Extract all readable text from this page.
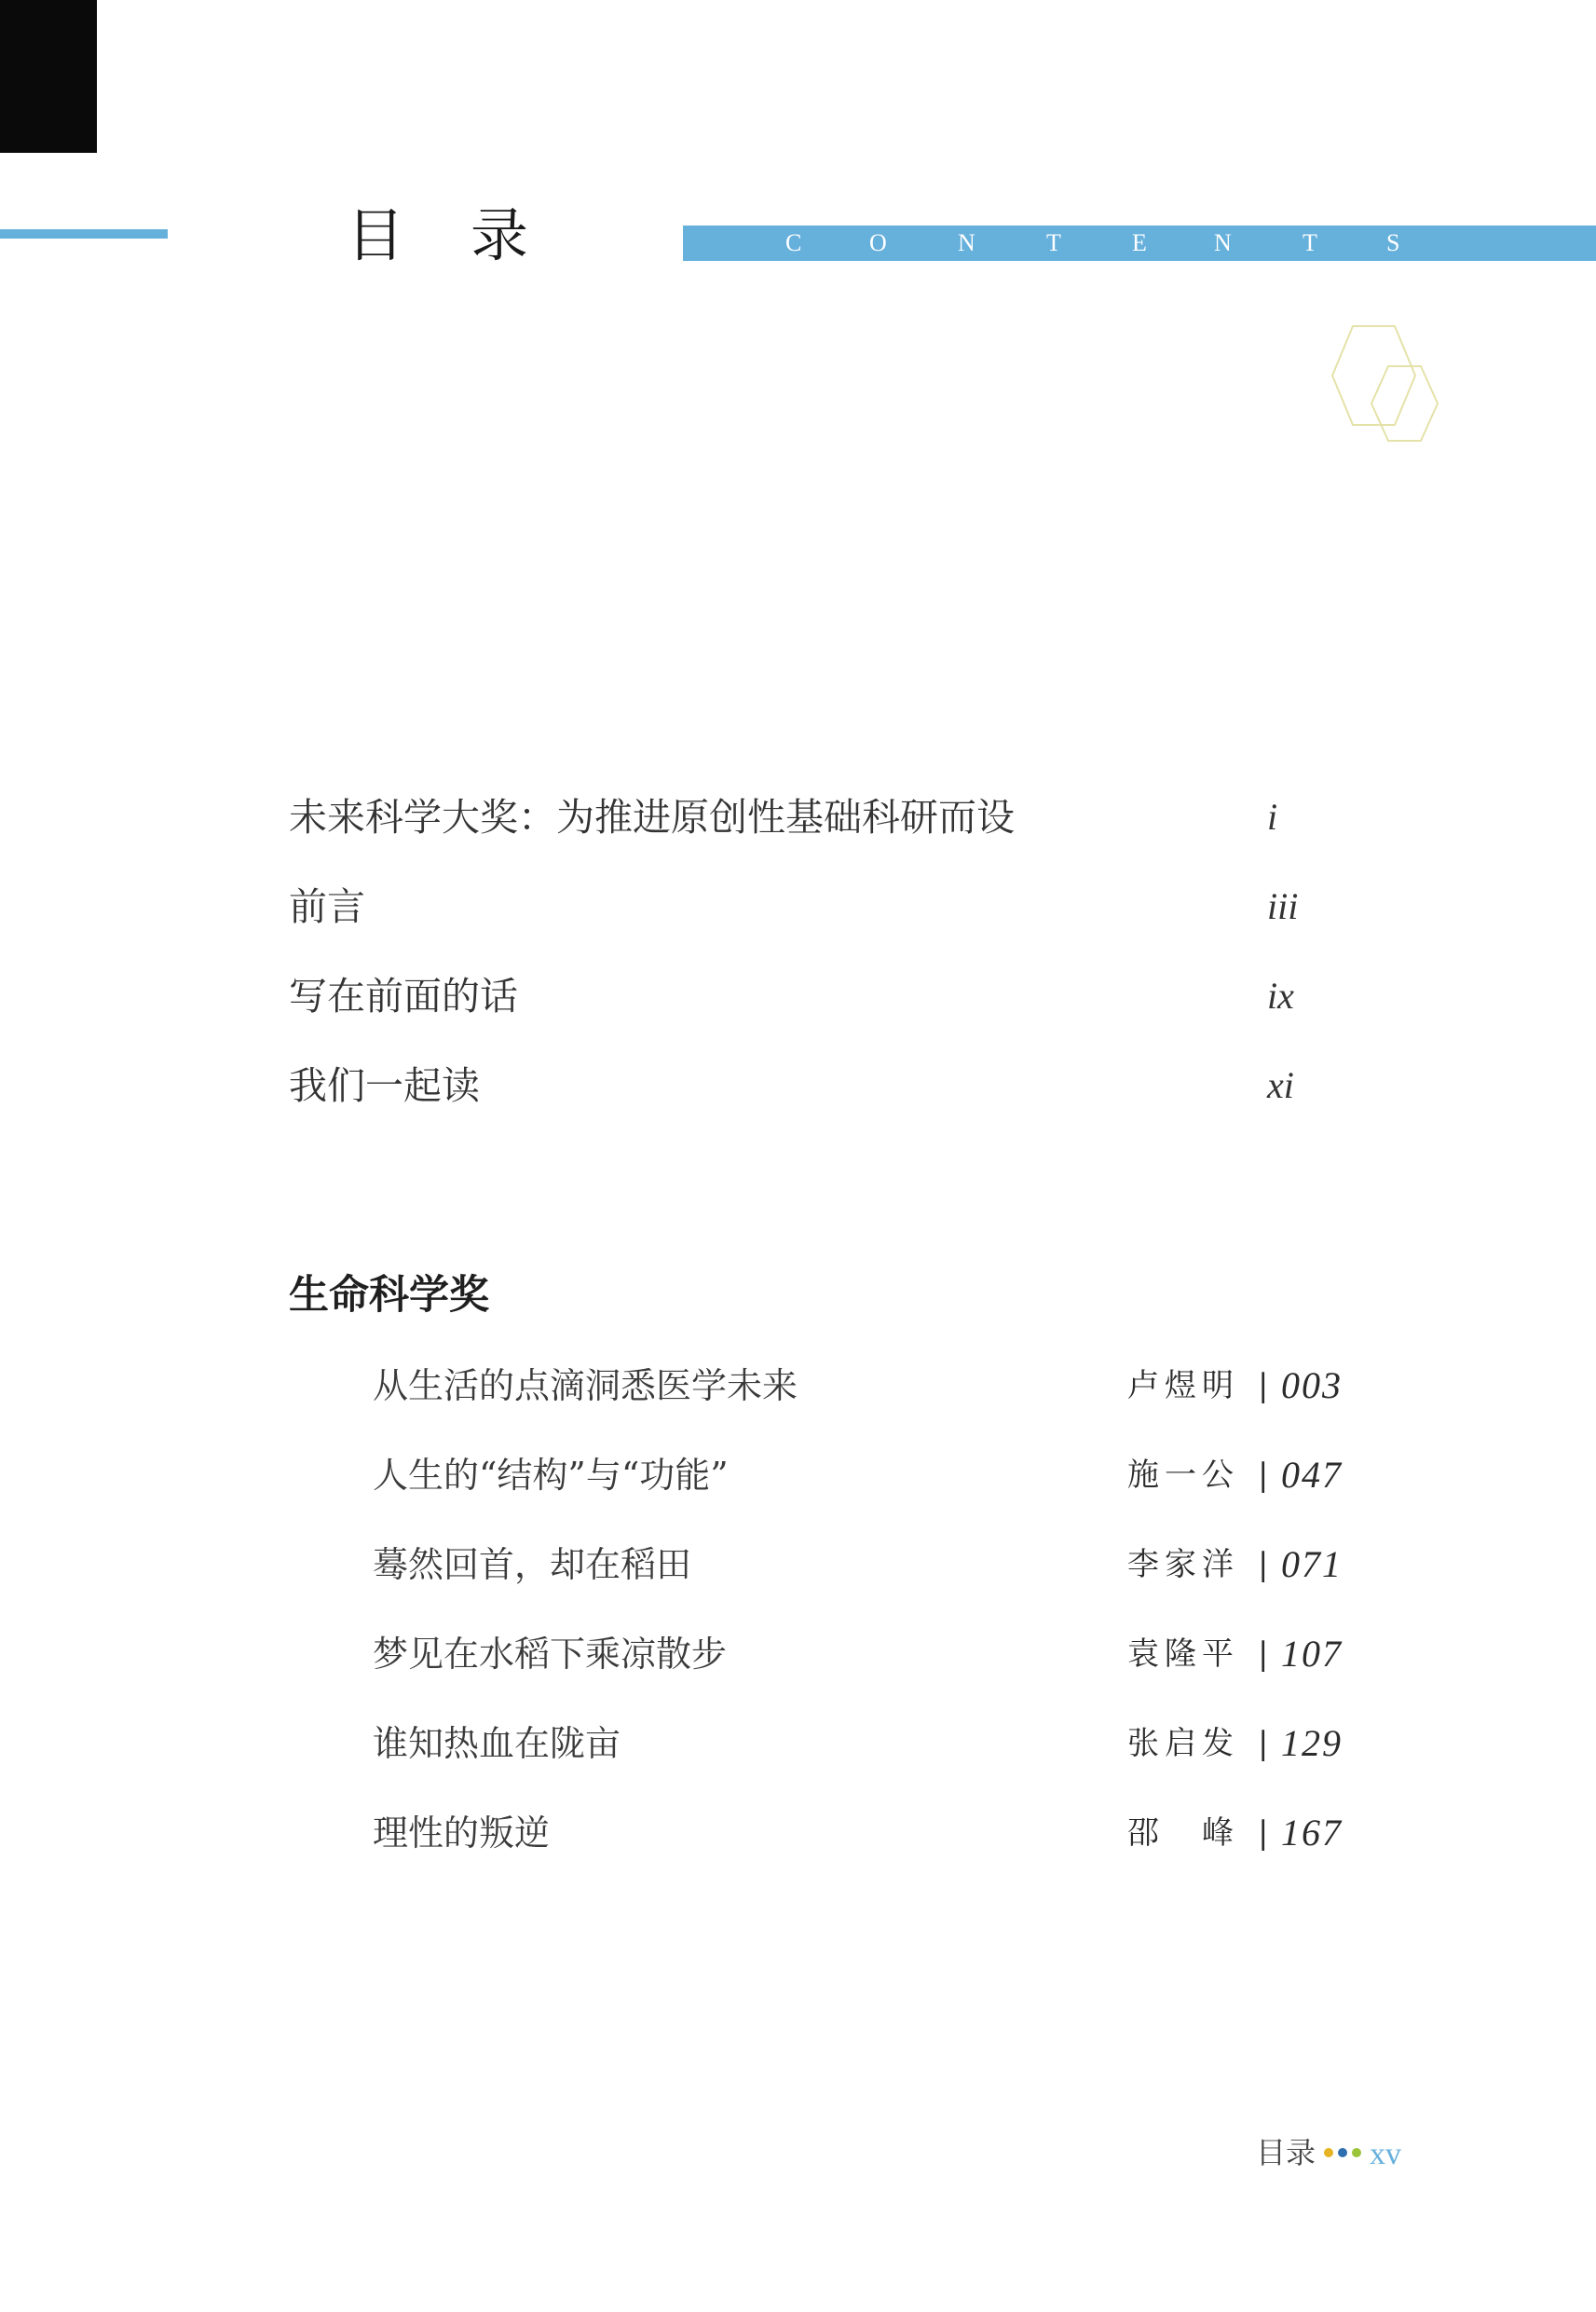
目 录	C	O	N	T	E	N	T	S
未来科学大奖：为推进原创性基础科研而设	i
前言	iii
写在前面的话	ix
我们一起读	xi
生命科学奖
从生活的点滴洞悉医学未来	卢煜明 | 003
人生的“结构”与“功能”	施一公 | 047
蓦然回首，却在稻田	李家洋 | 071
梦见在水稻下乘凉散步	袁隆平 | 107
谁知热血在陇亩	张启发 | 129
理性的叛逆	邵　峰 | 167
目录 xv
